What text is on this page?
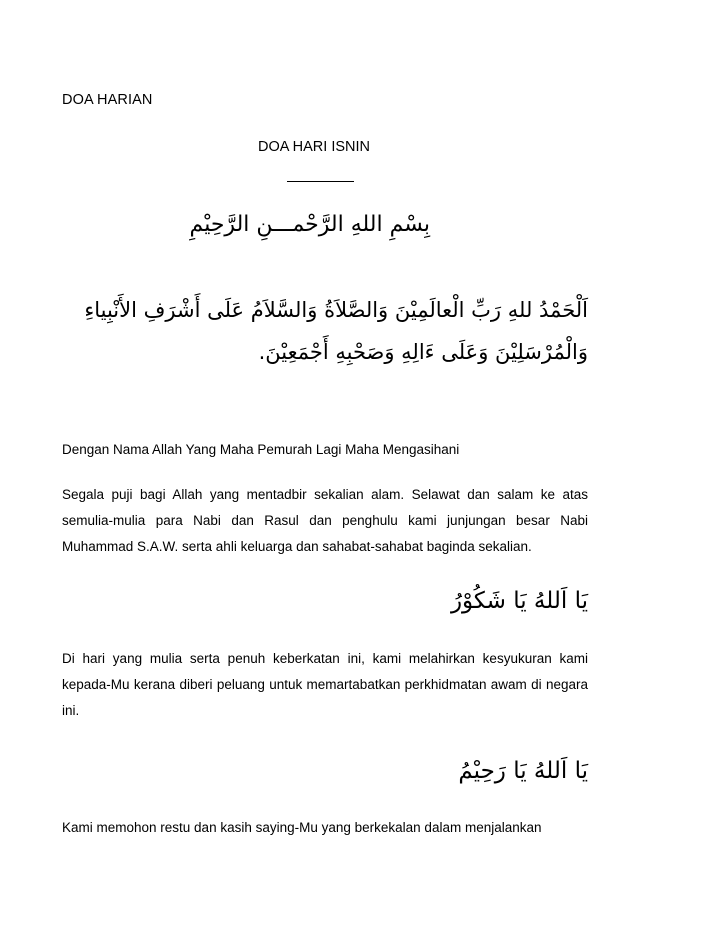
DOA HARIAN
DOA HARI ISNIN
بِسْمِ اللهِ الرَّحْمـــنِ الرَّحِيْمِ
اَلْحَمْدُ للهِ رَبِّ الْعالَمِيْنَ وَالصَّلاَةُ وَالسَّلاَمُ عَلَى أَشْرَفِ الأَنْبِياءِ
وَالْمُرْسَلِيْنَ وَعَلَى ءَالِهِ وَصَحْبِهِ أَجْمَعِيْنَ.

Dengan Nama Allah Yang Maha Pemurah Lagi Maha Mengasihani

Segala puji bagi Allah yang mentadbir sekalian alam. Selawat dan salam ke atas semulia-mulia para Nabi dan Rasul dan penghulu kami junjungan besar Nabi Muhammad S.A.W. serta ahli keluarga dan sahabat-sahabat baginda sekalian.

يَا اَللهُ يَا شَكُوْرُ

Di hari yang mulia serta penuh keberkatan ini, kami melahirkan kesyukuran kami kepada-Mu kerana diberi peluang untuk memartabatkan perkhidmatan awam di negara ini.

يَا اَللهُ يَا رَحِيْمُ

Kami memohon restu dan kasih saying-Mu yang berkekalan dalam menjalankan
